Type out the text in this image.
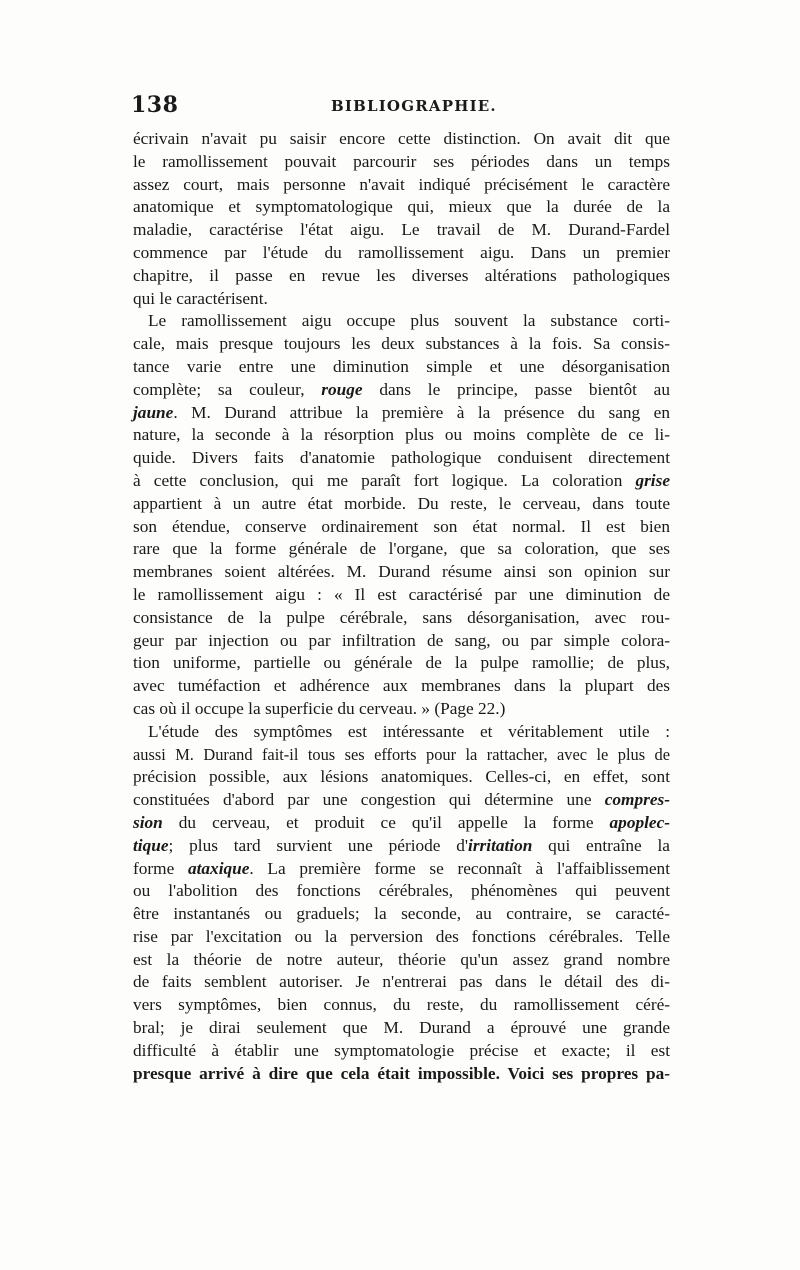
138	BIBLIOGRAPHIE.
écrivain n'avait pu saisir encore cette distinction. On avait dit que
le ramollissement pouvait parcourir ses périodes dans un temps
assez court, mais personne n'avait indiqué précisément le caractère
anatomique et symptomatologique qui, mieux que la durée de la
maladie, caractérise l'état aigu. Le travail de M. Durand-Fardel
commence par l'étude du ramollissement aigu. Dans un premier
chapitre, il passe en revue les diverses altérations pathologiques
qui le caractérisent.
Le ramollissement aigu occupe plus souvent la substance corti-
cale, mais presque toujours les deux substances à la fois. Sa consis-
tance varie entre une diminution simple et une désorganisation
complète; sa couleur, rouge dans le principe, passe bientôt au
jaune. M. Durand attribue la première à la présence du sang en
nature, la seconde à la résorption plus ou moins complète de ce li-
quide. Divers faits d'anatomie pathologique conduisent directement
à cette conclusion, qui me paraît fort logique. La coloration grise
appartient à un autre état morbide. Du reste, le cerveau, dans toute
son étendue, conserve ordinairement son état normal. Il est bien
rare que la forme générale de l'organe, que sa coloration, que ses
membranes soient altérées. M. Durand résume ainsi son opinion sur
le ramollissement aigu : « Il est caractérisé par une diminution de
consistance de la pulpe cérébrale, sans désorganisation, avec rou-
geur par injection ou par infiltration de sang, ou par simple colora-
tion uniforme, partielle ou générale de la pulpe ramollie; de plus,
avec tuméfaction et adhérence aux membranes dans la plupart des
cas où il occupe la superficie du cerveau. » (Page 22.)
L'étude des symptômes est intéressante et véritablement utile :
aussi M. Durand fait-il tous ses efforts pour la rattacher, avec le plus de
précision possible, aux lésions anatomiques. Celles-ci, en effet, sont
constituées d'abord par une congestion qui détermine une compres-
sion du cerveau, et produit ce qu'il appelle la forme apoplec-
tique; plus tard survient une période d'irritation qui entraîne la
forme ataxique. La première forme se reconnaît à l'affaiblissement
ou l'abolition des fonctions cérébrales, phénomènes qui peuvent
être instantanés ou graduels; la seconde, au contraire, se caracté-
rise par l'excitation ou la perversion des fonctions cérébrales. Telle
est la théorie de notre auteur, théorie qu'un assez grand nombre
de faits semblent autoriser. Je n'entrerai pas dans le détail des di-
vers symptômes, bien connus, du reste, du ramollissement céré-
bral; je dirai seulement que M. Durand a éprouvé une grande
difficulté à établir une symptomatologie précise et exacte; il est
presque arrivé à dire que cela était impossible. Voici ses propres pa-
